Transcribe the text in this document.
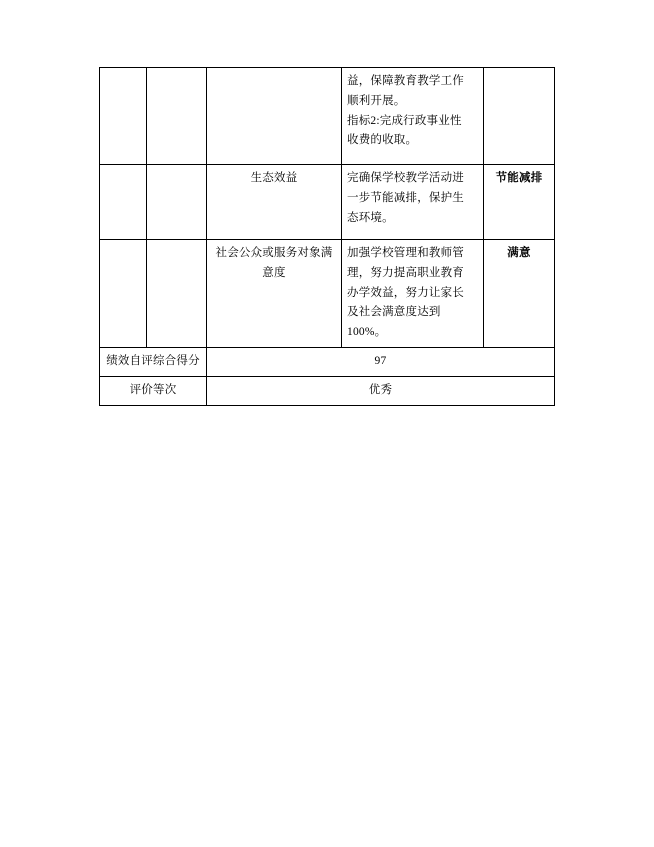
			益，保障教育教学工作
顺利开展。
指标2:完成行政事业性
收费的收取。	

		生态效益	完确保学校教学活动进
一步节能减排，保护生
态环境。	节能减排

		社会公众或服务对象满
意度	加强学校管理和教师管
理，努力提高职业教育
办学效益，努力让家长
及社会满意度达到
100%。	满意
绩效自评综合得分		97		
评价等次		优秀		
